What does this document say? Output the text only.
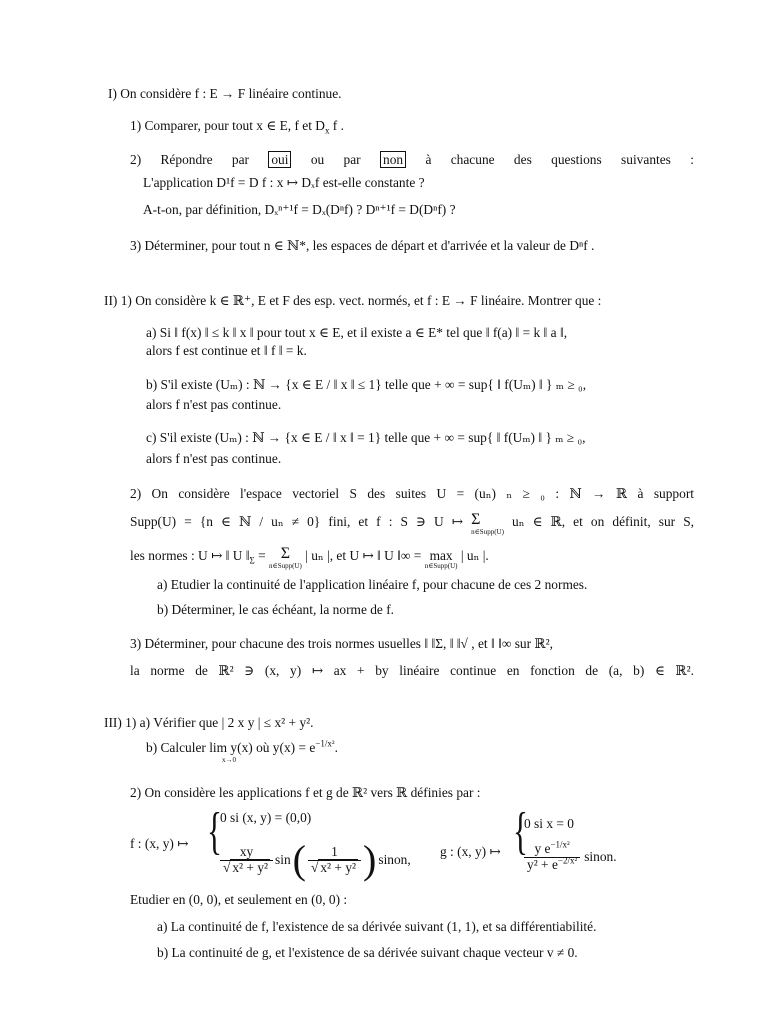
I) On considère f : E → F linéaire continue.
1) Comparer, pour tout x ∈ E, f et $D_x$ f .
2) Répondre par oui ou par non à chacune des questions suivantes :
L'application D¹f = D f : x ↦ Dₓf est-elle constante ?
A-t-on, par définition, Dₓⁿ⁺¹f = Dₓ(Dⁿf) ? Dⁿ⁺¹f = D(Dⁿf) ?
3) Déterminer, pour tout n ∈ ℕ*, les espaces de départ et d'arrivée et la valeur de Dⁿf .
II) 1) On considère k ∈ ℝ⁺, E et F des esp. vect. normés, et f : E → F linéaire. Montrer que :
a) Si ‖ f(x) ‖ ≤ k ‖ x ‖ pour tout x ∈ E, et il existe a ∈ E* tel que ‖ f(a) ‖ = k ‖ a ‖,
alors f est continue et ‖ f ‖ = k.
b) S'il existe (Uₘ) : ℕ → {x ∈ E / ‖ x ‖ ≤ 1} telle que + ∞ = sup{ ‖ f(Uₘ) ‖ } ₘ ≥ ₀,
alors f n'est pas continue.
c) S'il existe (Uₘ) : ℕ → {x ∈ E / ‖ x ‖ = 1} telle que + ∞ = sup{ ‖ f(Uₘ) ‖ } ₘ ≥ ₀,
alors f n'est pas continue.
2) On considère l'espace vectoriel S des suites U = (uₙ) ₙ ≥ ₀ : ℕ → ℝ à support
Supp(U) = {n ∈ ℕ / uₙ ≠ 0} fini, et f : S ∋ U ↦ Σ
n∈Supp(U)
uₙ ∈ ℝ, et on définit, sur S,
les normes : U ↦ ‖ U $‖_\Sigma = \Sigma$
n∈Supp(U)
| uₙ |, et U ↦ ‖ U ‖∞ = max
n∈Supp(U)
| uₙ |.
a) Etudier la continuité de l'application linéaire f, pour chacune de ces 2 normes.
b) Déterminer, le cas échéant, la norme de f.
3) Déterminer, pour chacune des trois normes usuelles ‖ ‖Σ, ‖ ‖√ , et ‖ ‖∞ sur ℝ²,
la norme de ℝ² ∋ (x, y) ↦ ax + by linéaire continue en fonction de (a, b) ∈ ℝ².
III) 1) a) Vérifier que | 2 x y | ≤ x² + y².
b) Calculer lim y(x) où $y(x) = e^{-1/x^2}$.
x→0
2) On considère les applications f et g de ℝ² vers ℝ définies par :
f : (x, y) ↦ {
0 si (x, y) = (0,0)
$\frac{xy}{\text{√ x² + y²}}$ sin ( $\frac{1}{\text{√ x² + y²}}$ ) sinon,
g : (x, y) ↦ {
0 si x = 0
$\frac{y e^{-1/x^2}}{y^2 + e^{-2/x^2}}$ sinon.
Etudier en (0, 0), et seulement en (0, 0) :
a) La continuité de f, l'existence de sa dérivée suivant (1, 1), et sa différentiabilité.
b) La continuité de g, et l'existence de sa dérivée suivant chaque vecteur v ≠ 0.
